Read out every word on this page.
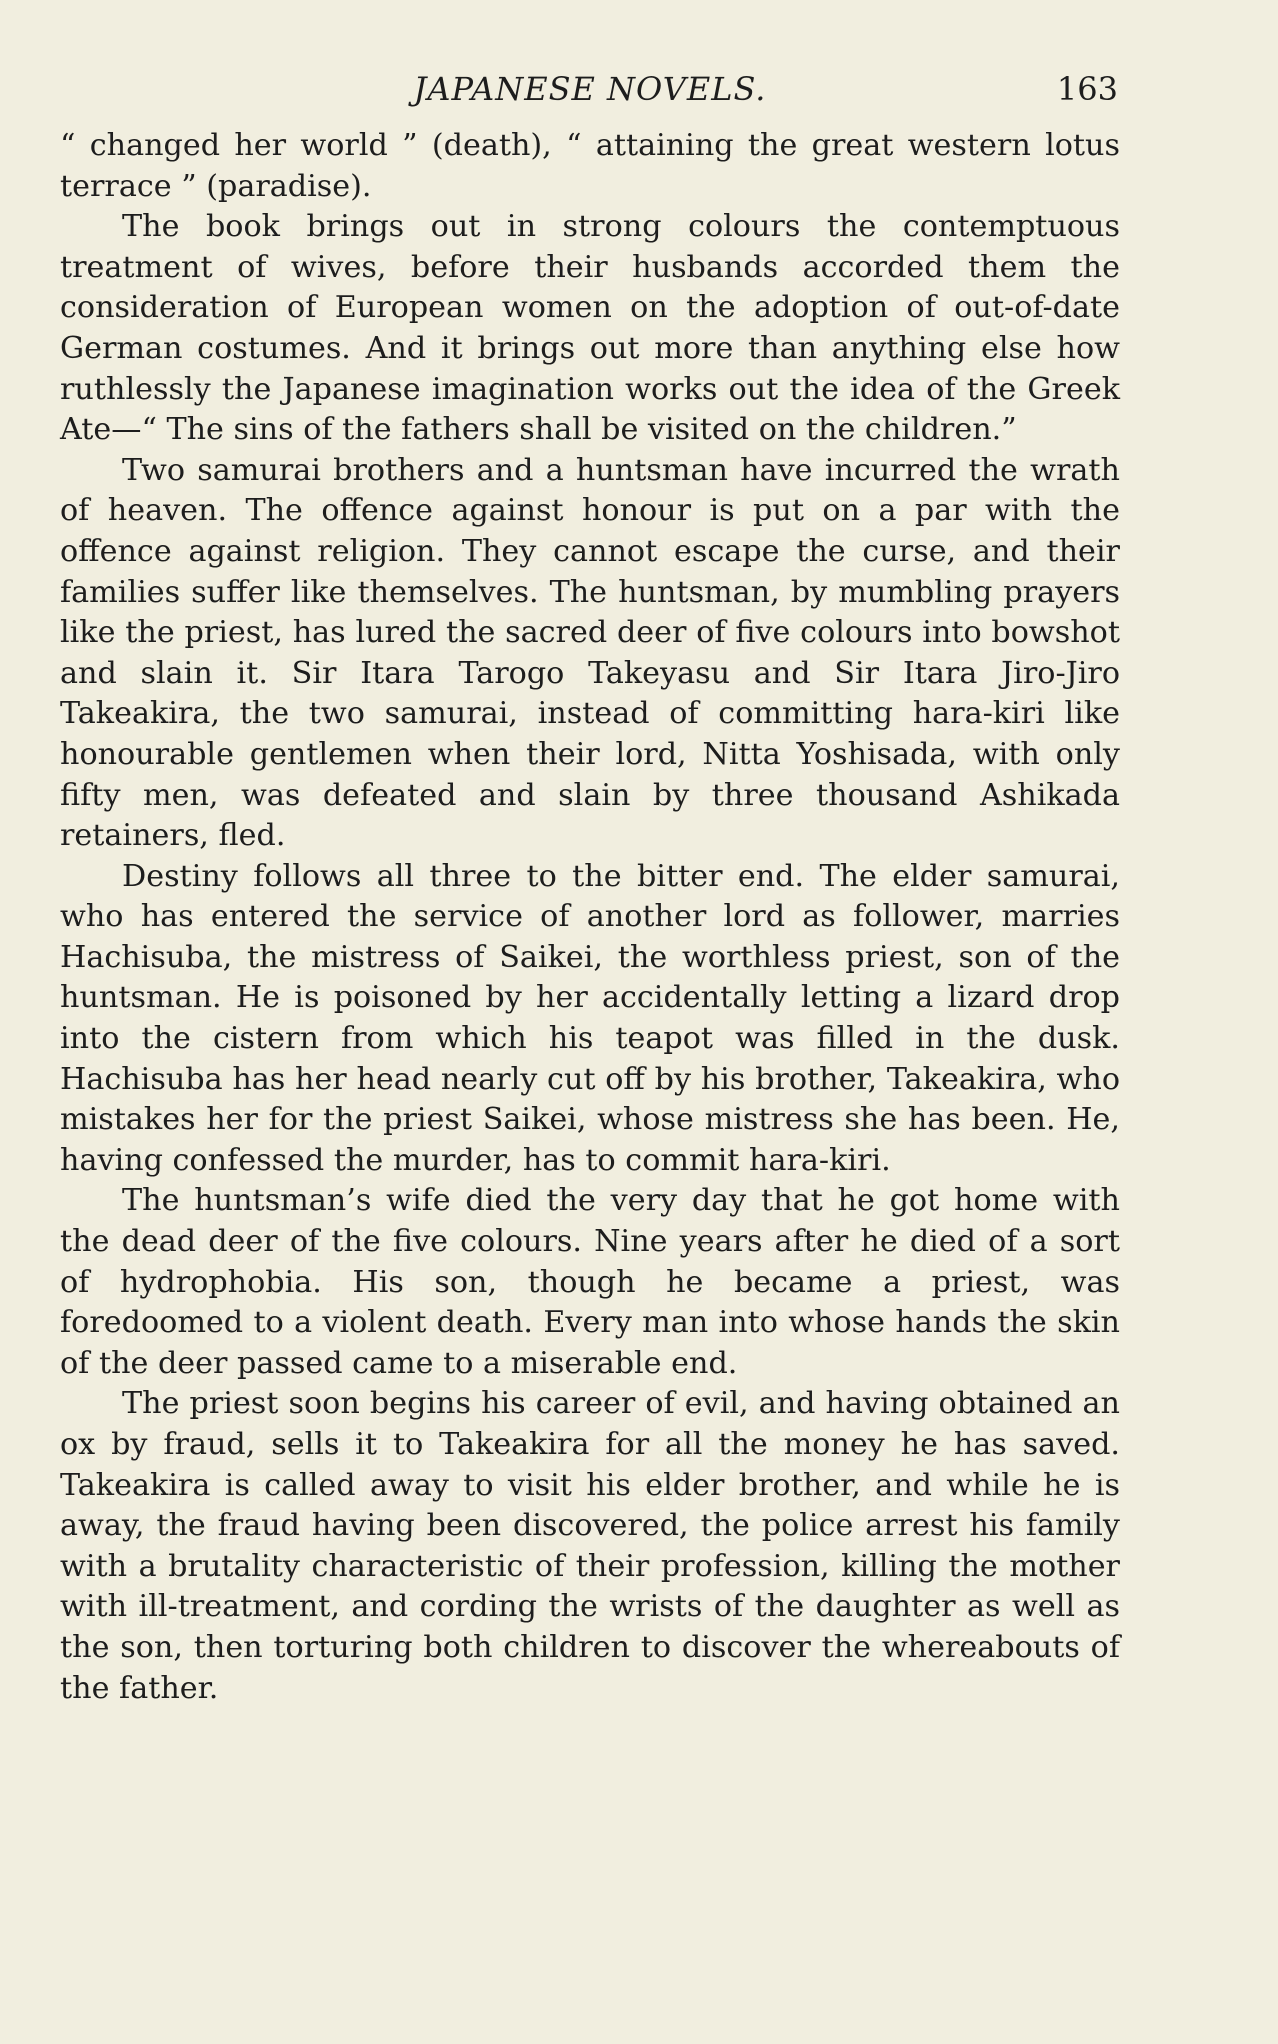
JAPANESE NOVELS.	163

“ changed her world ” (death), “ attaining the great western lotus terrace ” (paradise).

The book brings out in strong colours the contemptuous treatment of wives, before their husbands accorded them the consideration of European women on the adoption of out-of-date German costumes. And it brings out more than anything else how ruthlessly the Japanese imagination works out the idea of the Greek Ate—“ The sins of the fathers shall be visited on the children.”

Two samurai brothers and a huntsman have incurred the wrath of heaven. The offence against honour is put on a par with the offence against religion. They cannot escape the curse, and their families suffer like themselves. The huntsman, by mumbling prayers like the priest, has lured the sacred deer of five colours into bowshot and slain it. Sir Itara Tarogo Takeyasu and Sir Itara Jiro-Jiro Takeakira, the two samurai, instead of committing hara-kiri like honourable gentlemen when their lord, Nitta Yoshisada, with only fifty men, was defeated and slain by three thousand Ashikada retainers, fled.

Destiny follows all three to the bitter end. The elder samurai, who has entered the service of another lord as follower, marries Hachisuba, the mistress of Saikei, the worthless priest, son of the huntsman. He is poisoned by her accidentally letting a lizard drop into the cistern from which his teapot was filled in the dusk. Hachisuba has her head nearly cut off by his brother, Takeakira, who mistakes her for the priest Saikei, whose mistress she has been. He, having confessed the murder, has to commit hara-kiri.

The huntsman’s wife died the very day that he got home with the dead deer of the five colours. Nine years after he died of a sort of hydrophobia. His son, though he became a priest, was foredoomed to a violent death. Every man into whose hands the skin of the deer passed came to a miserable end.

The priest soon begins his career of evil, and having obtained an ox by fraud, sells it to Takeakira for all the money he has saved. Takeakira is called away to visit his elder brother, and while he is away, the fraud having been discovered, the police arrest his family with a brutality characteristic of their profession, killing the mother with ill-treatment, and cording the wrists of the daughter as well as the son, then torturing both children to discover the whereabouts of the father.
